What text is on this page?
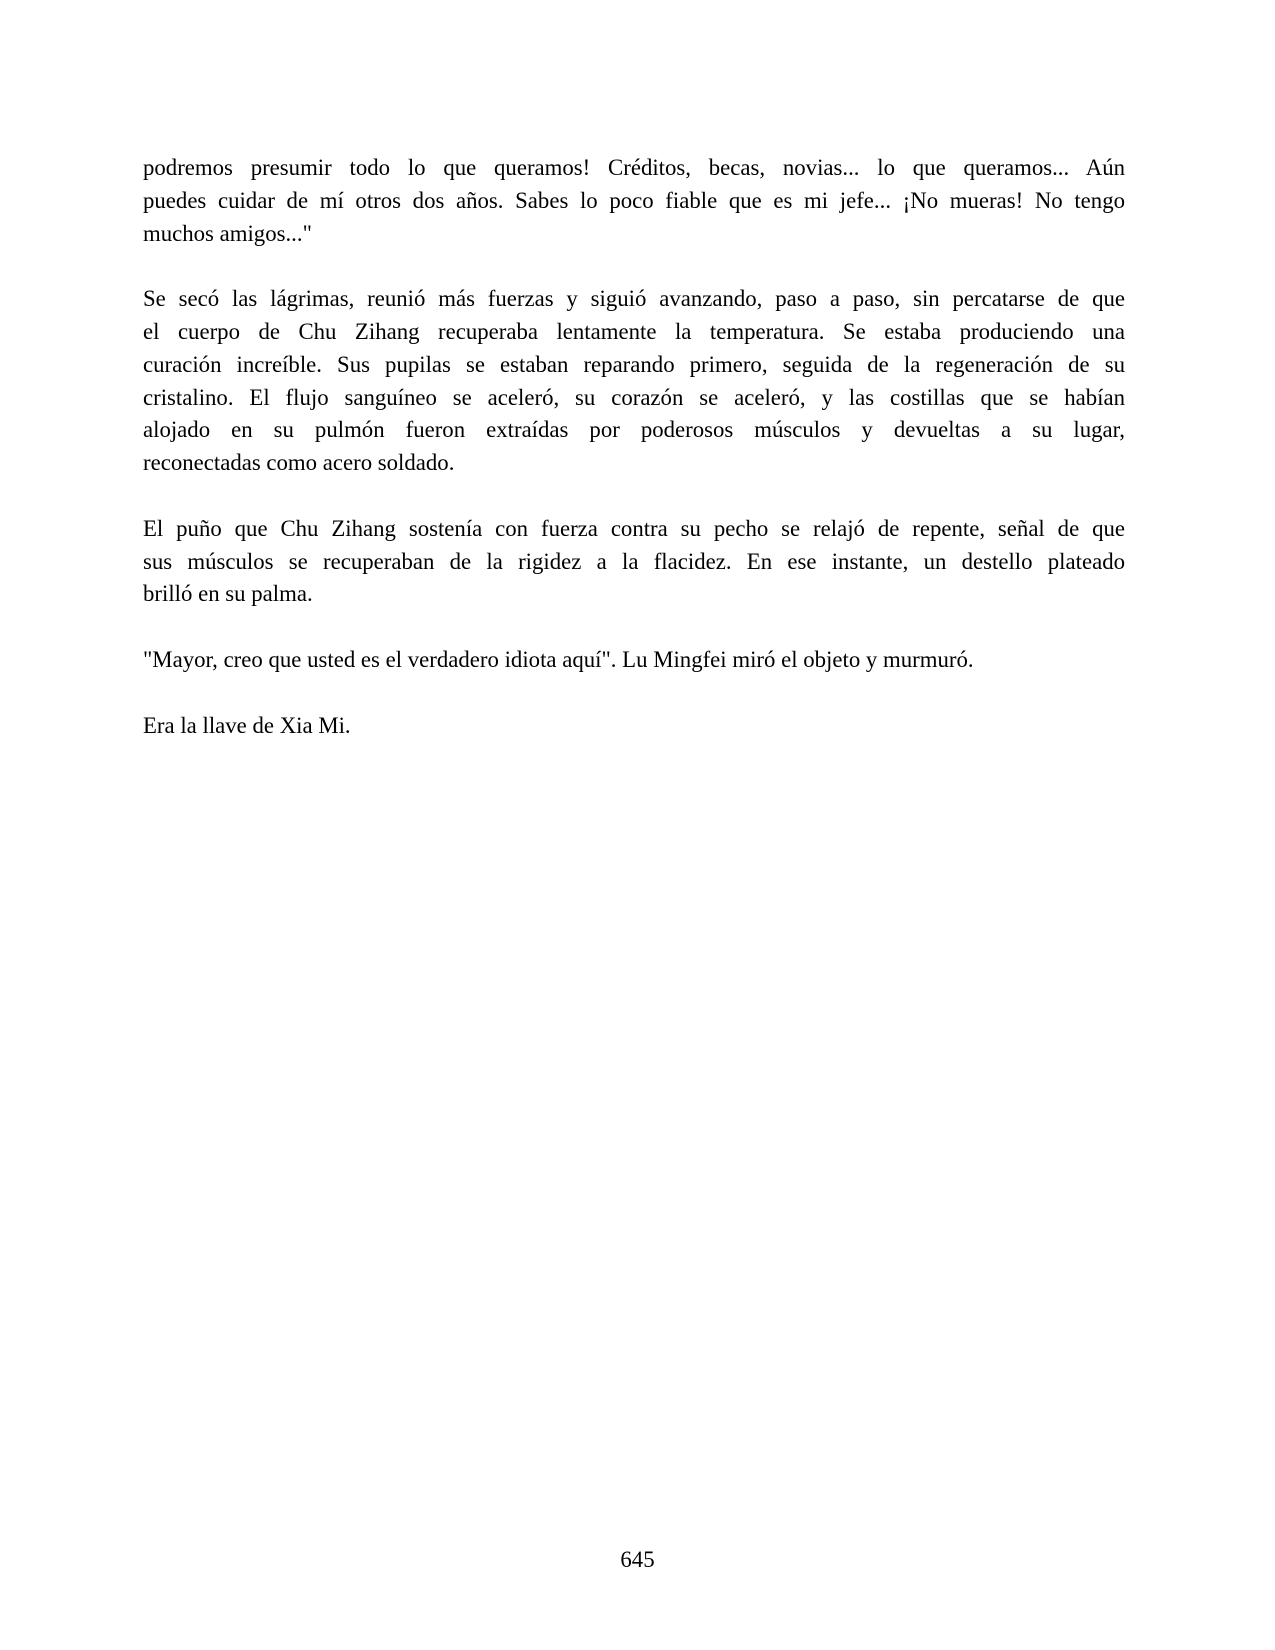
podremos presumir todo lo que queramos! Créditos, becas, novias... lo que queramos... Aún
puedes cuidar de mí otros dos años. Sabes lo poco fiable que es mi jefe... ¡No mueras! No tengo
muchos amigos..."
Se secó las lágrimas, reunió más fuerzas y siguió avanzando, paso a paso, sin percatarse de que
el cuerpo de Chu Zihang recuperaba lentamente la temperatura. Se estaba produciendo una
curación increíble. Sus pupilas se estaban reparando primero, seguida de la regeneración de su
cristalino. El flujo sanguíneo se aceleró, su corazón se aceleró, y las costillas que se habían
alojado en su pulmón fueron extraídas por poderosos músculos y devueltas a su lugar,
reconectadas como acero soldado.
El puño que Chu Zihang sostenía con fuerza contra su pecho se relajó de repente, señal de que
sus músculos se recuperaban de la rigidez a la flacidez. En ese instante, un destello plateado
brilló en su palma.
"Mayor, creo que usted es el verdadero idiota aquí". Lu Mingfei miró el objeto y murmuró.
Era la llave de Xia Mi.
645
